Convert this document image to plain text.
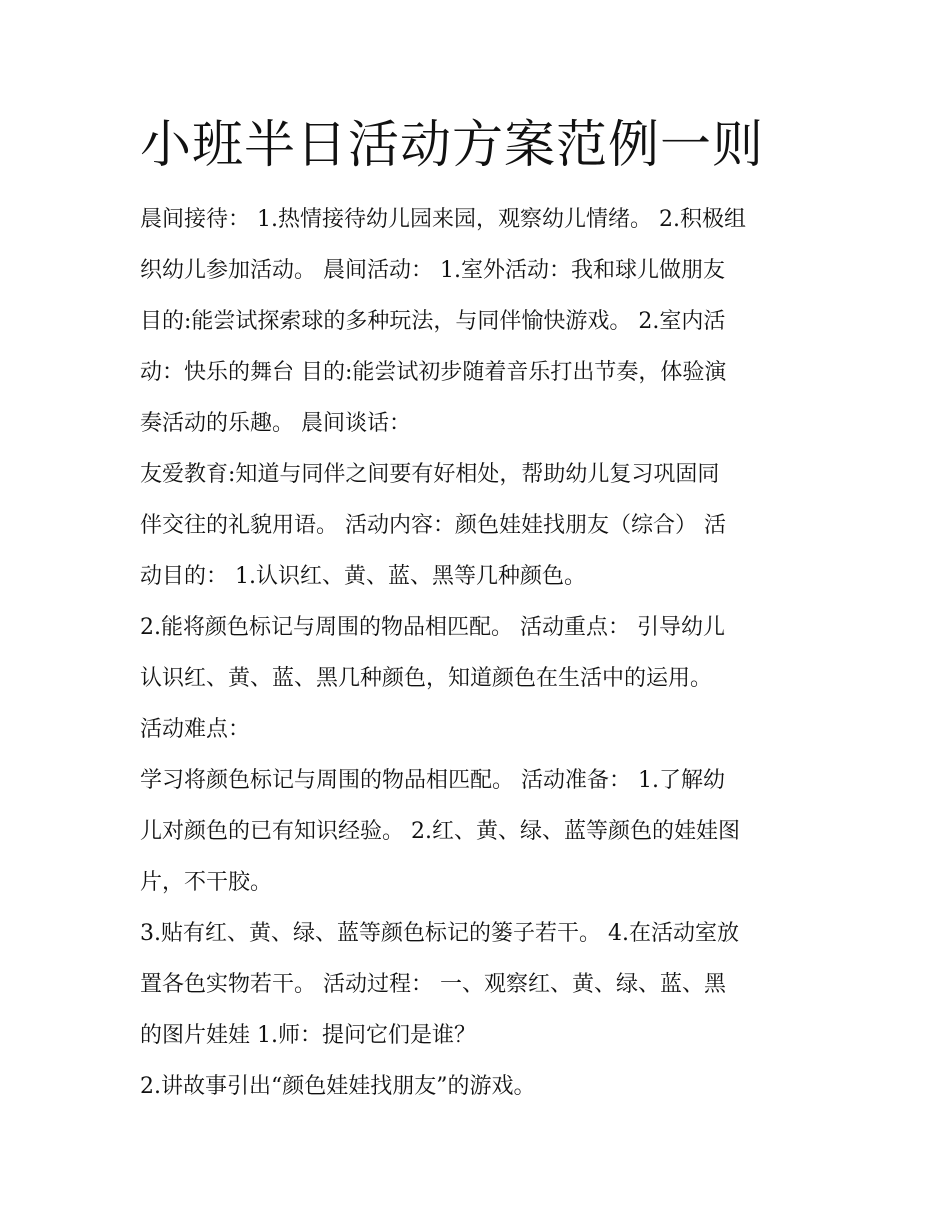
小班半日活动方案范例一则

晨间接待： 1.热情接待幼儿园来园，观察幼儿情绪。 2.积极组

织幼儿参加活动。 晨间活动： 1.室外活动：我和球儿做朋友

目的:能尝试探索球的多种玩法，与同伴愉快游戏。 2.室内活

动：快乐的舞台 目的:能尝试初步随着音乐打出节奏，体验演

奏活动的乐趣。 晨间谈话：

友爱教育:知道与同伴之间要有好相处，帮助幼儿复习巩固同

伴交往的礼貌用语。 活动内容：颜色娃娃找朋友（综合） 活

动目的： 1.认识红、黄、蓝、黑等几种颜色。

2.能将颜色标记与周围的物品相匹配。 活动重点： 引导幼儿

认识红、黄、蓝、黑几种颜色，知道颜色在生活中的运用。

活动难点：

学习将颜色标记与周围的物品相匹配。 活动准备： 1.了解幼

儿对颜色的已有知识经验。 2.红、黄、绿、蓝等颜色的娃娃图

片，不干胶。

3.贴有红、黄、绿、蓝等颜色标记的篓子若干。 4.在活动室放

置各色实物若干。 活动过程： 一、观察红、黄、绿、蓝、黑

的图片娃娃 1.师：提问它们是谁？

2.讲故事引出“颜色娃娃找朋友”的游戏。
